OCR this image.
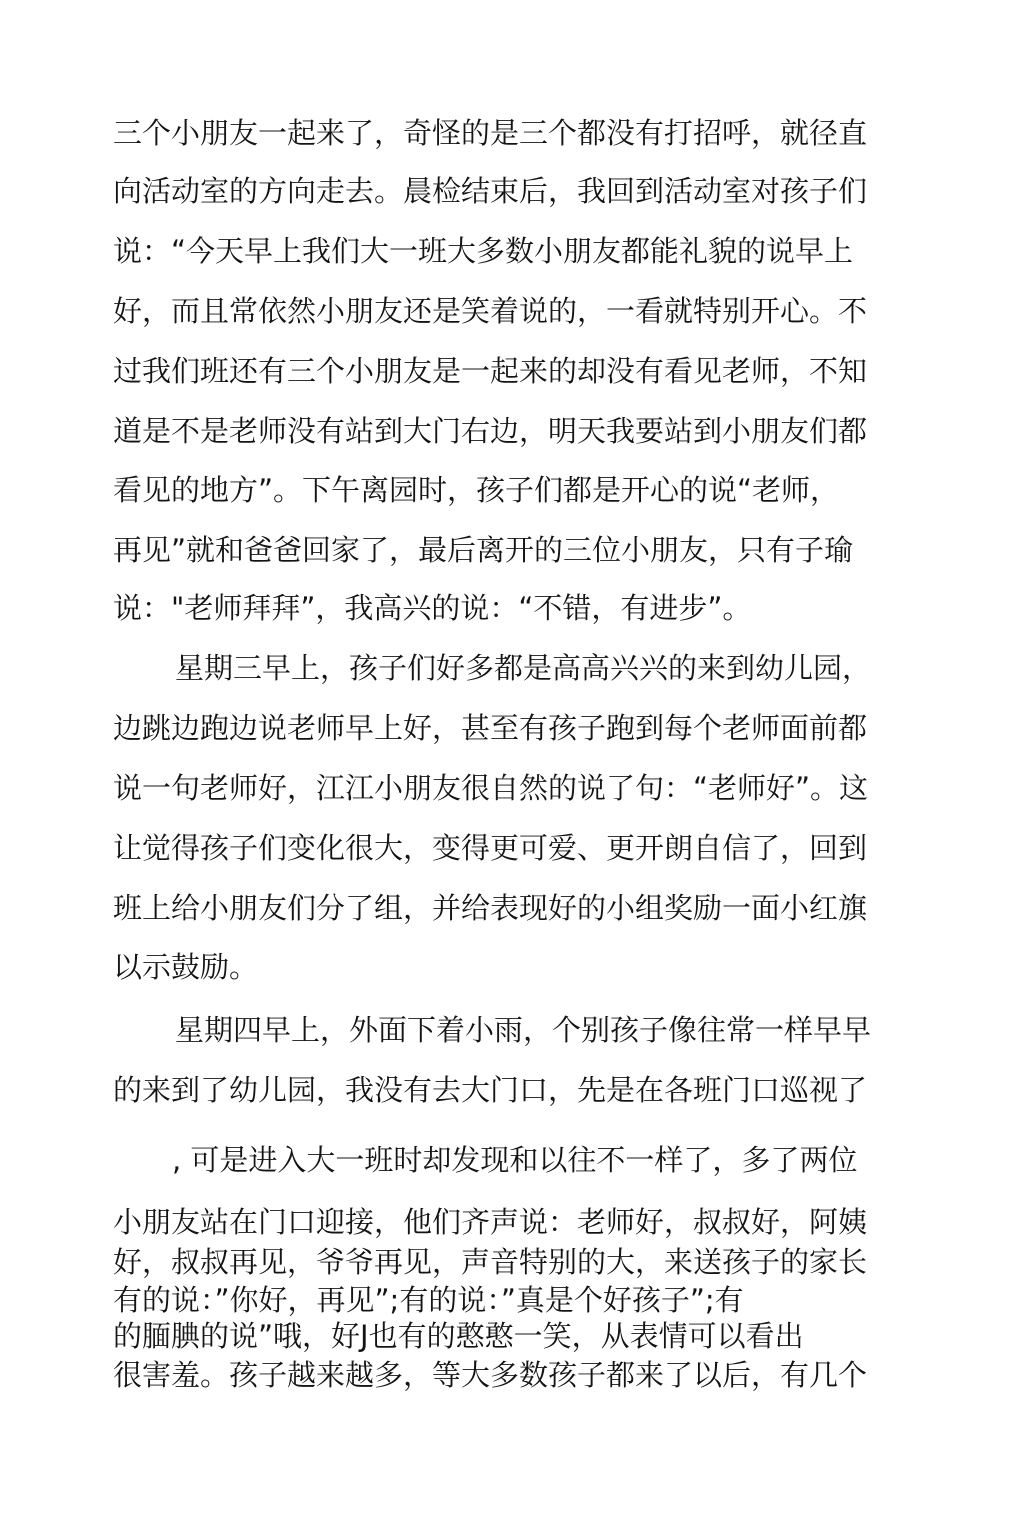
三个小朋友一起来了，奇怪的是三个都没有打招呼，就径直
向活动室的方向走去。晨检结束后，我回到活动室对孩子们
说：“今天早上我们大一班大多数小朋友都能礼貌的说早上
好，而且常依然小朋友还是笑着说的，一看就特别开心。不
过我们班还有三个小朋友是一起来的却没有看见老师，不知
道是不是老师没有站到大门右边，明天我要站到小朋友们都
看见的地方”。下午离园时，孩子们都是开心的说“老师，
再见”就和爸爸回家了，最后离开的三位小朋友，只有子瑜
说："老师拜拜”，我高兴的说：“不错，有进步”。
星期三早上，孩子们好多都是高高兴兴的来到幼儿园，
边跳边跑边说老师早上好，甚至有孩子跑到每个老师面前都
说一句老师好，江江小朋友很自然的说了句：“老师好”。这
让觉得孩子们变化很大，变得更可爱、更开朗自信了，回到
班上给小朋友们分了组，并给表现好的小组奖励一面小红旗
以示鼓励。
星期四早上，外面下着小雨，个别孩子像往常一样早早
的来到了幼儿园，我没有去大门口，先是在各班门口巡视了
, 可是进入大一班时却发现和以往不一样了，多了两位
小朋友站在门口迎接，他们齐声说：老师好，叔叔好，阿姨
好，叔叔再见，爷爷再见，声音特别的大，来送孩子的家长
有的说：”你好，再见”;有的说：”真是个好孩子”;有
的腼腆的说”哦，好J也有的憨憨一笑，从表情可以看出
很害羞。孩子越来越多，等大多数孩子都来了以后，有几个
